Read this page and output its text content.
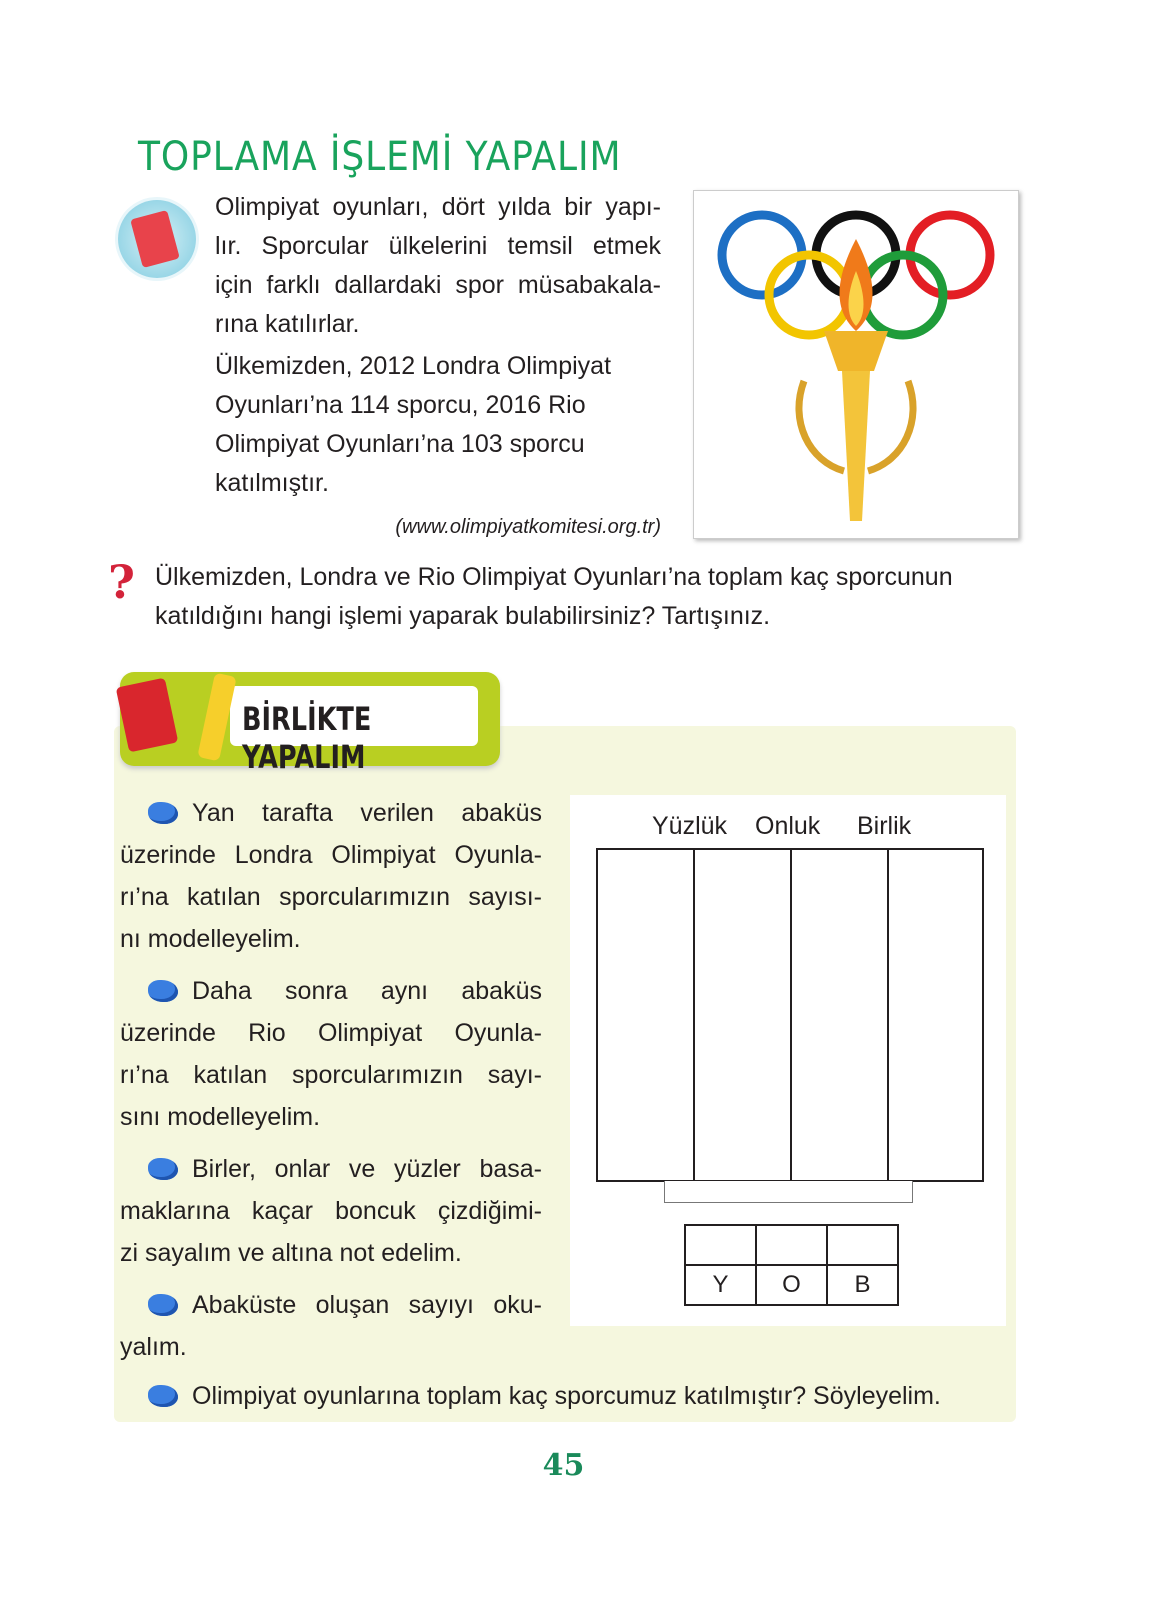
TOPLAMA İŞLEMİ YAPALIM
Olimpiyat oyunları, dört yılda bir yapı-
lır. Sporcular ülkelerini temsil etmek
için farklı dallardaki spor müsabakala-
rına katılırlar.
Ülkemizden, 2012 Londra Olimpiyat
Oyunları’na 114 sporcu, 2016 Rio
Olimpiyat Oyunları’na 103 sporcu
katılmıştır.
(www.olimpiyatkomitesi.org.tr)
? Ülkemizden, Londra ve Rio Olimpiyat Oyunları’na toplam kaç sporcunun
katıldığını hangi işlemi yaparak bulabilirsiniz? Tartışınız.
BİRLİKTE YAPALIM
Yan tarafta verilen abaküs
üzerinde Londra Olimpiyat Oyunla-
rı’na katılan sporcularımızın sayısı-
nı modelleyelim.
Daha sonra aynı abaküs
üzerinde Rio Olimpiyat Oyunla-
rı’na katılan sporcularımızın sayı-
sını modelleyelim.
Birler, onlar ve yüzler basa-
maklarına kaçar boncuk çizdiğimi-
zi sayalım ve altına not edelim.
Abaküste oluşan sayıyı oku-
yalım.
Olimpiyat oyunlarına toplam kaç sporcumuz katılmıştır? Söyleyelim.
Yüzlük Onluk Birlik

Y	O	B
45
